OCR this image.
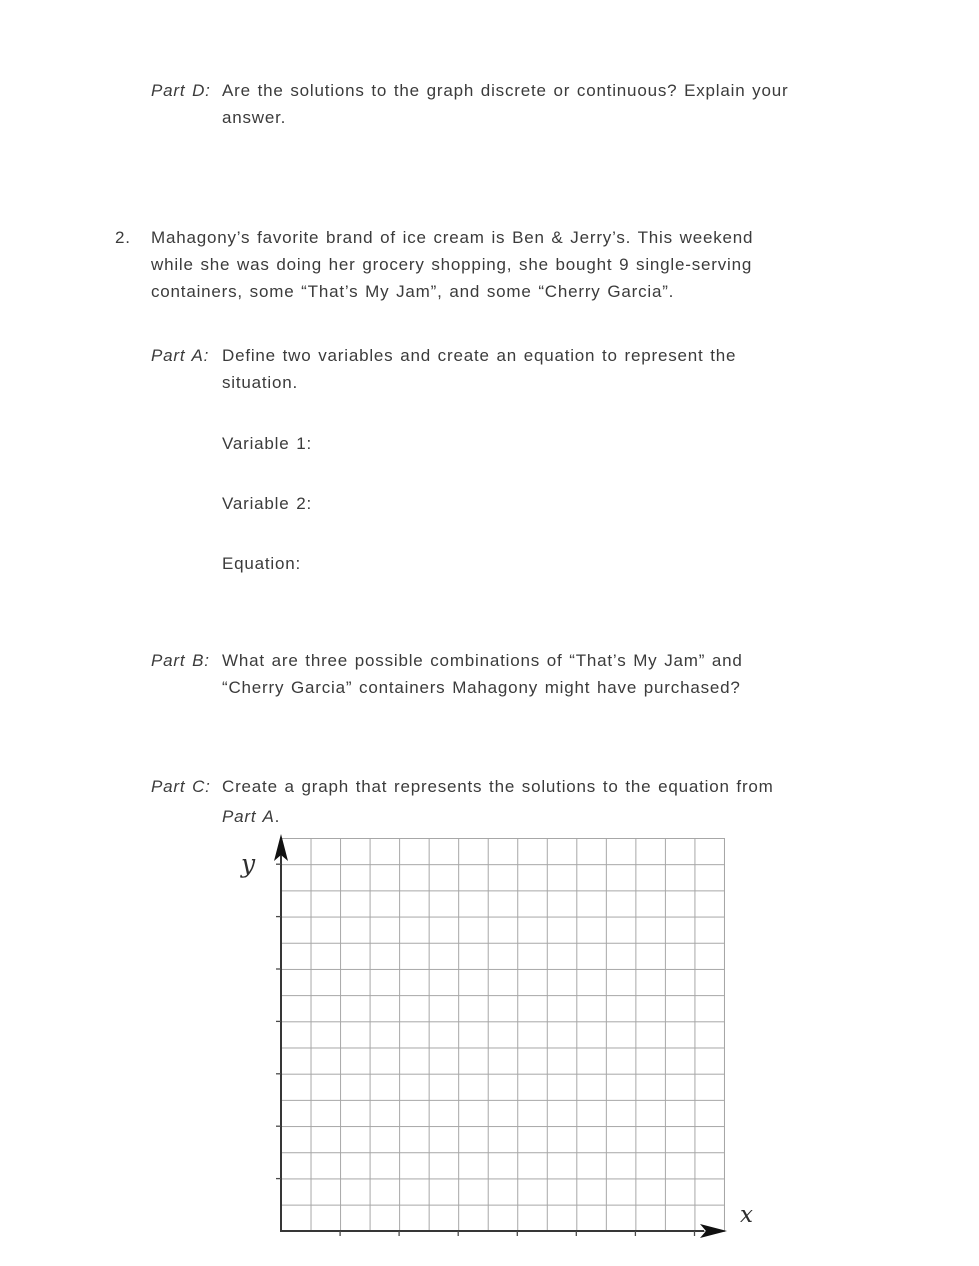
Part D: Are the solutions to the graph discrete or continuous? Explain your
answer.
2.	Mahagony’s favorite brand of ice cream is Ben & Jerry’s. This weekend
while she was doing her grocery shopping, she bought 9 single-serving
containers, some “That’s My Jam”, and some “Cherry Garcia”.
Part A: Define two variables and create an equation to represent the
situation.
Variable 1:
Variable 2:
Equation:
Part B: What are three possible combinations of “That’s My Jam” and
“Cherry Garcia” containers Mahagony might have purchased?
Part C: Create a graph that represents the solutions to the equation from
Part A.
y
x
